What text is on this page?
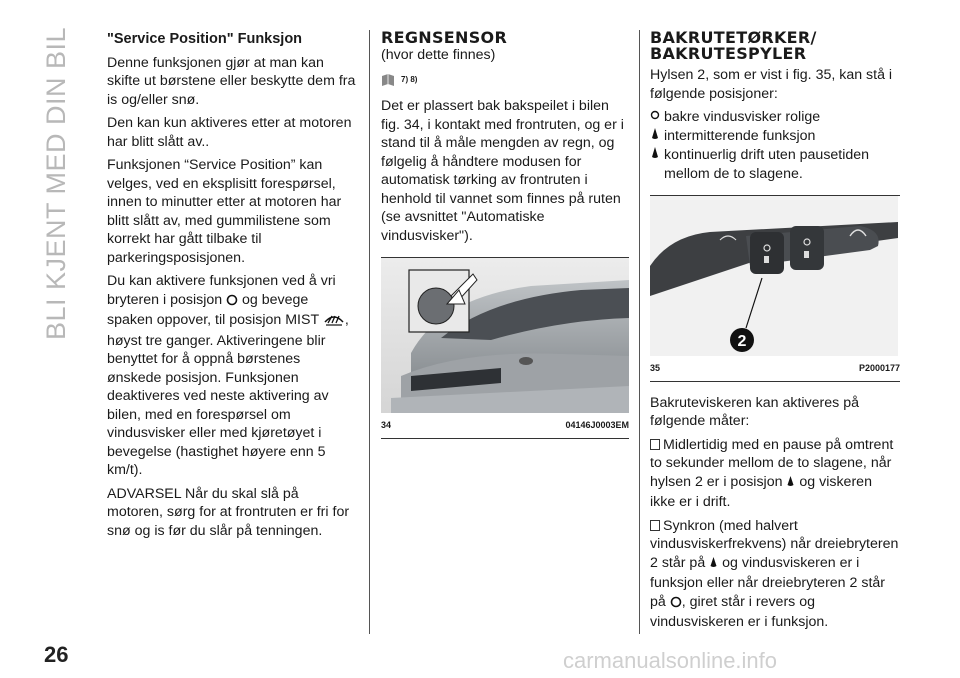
BLI KJENT MED DIN BIL "Service Position" Funksjon

Denne funksjonen gjør at man kan skifte ut børstene eller beskytte dem fra is og/eller snø.

Den kan kun aktiveres etter at motoren har blitt slått av..

Funksjonen “Service Position” kan velges, ved en eksplisitt forespørsel, innen to minutter etter at motoren har blitt slått av, med gummilistene som korrekt har gått tilbake til parkeringsposisjonen.

Du kan aktivere funksjonen ved å vri bryteren i posisjon og bevege spaken oppover, til posisjon MIST , høyst tre ganger. Aktiveringene blir benyttet for å oppnå børstenes ønskede posisjon. Funksjonen deaktiveres ved neste aktivering av bilen, med en forespørsel om vindusvisker eller med kjøretøyet i bevegelse (hastighet høyere enn 5 km/t).

ADVARSEL Når du skal slå på motoren, sørg for at frontruten er fri for snø og is før du slår på tenningen.

REGNSENSOR

(hvor dette finnes)

7) 8)

Det er plassert bak bakspeilet i bilen fig. 34, i kontakt med frontruten, og er i stand til å måle mengden av regn, og følgelig å håndtere modusen for automatisk tørking av frontruten i henhold til vannet som finnes på ruten (se avsnittet "Automatiske vindusvisker").

34	04146J0003EM
BAKRUTETØRKER/
BAKRUTESPYLER

Hylsen 2, som er vist i fig. 35, kan stå i følgende posisjoner:

bakre vindusvisker rolige
intermitterende funksjon
kontinuerlig drift uten pausetiden mellom de to slagene.
2
35	P2000177

Bakruteviskeren kan aktiveres på følgende måter:

Midlertidig med en pause på omtrent to sekunder mellom de to slagene, når hylsen 2 er i posisjon og viskeren ikke er i drift.

Synkron (med halvert vindusviskerfrekvens) når dreiebryteren 2 står på og vindusviskeren er i funksjon eller når dreiebryteren 2 står på , giret står i revers og vindusviskeren er i funksjon.

26	carmanualsonline.info
